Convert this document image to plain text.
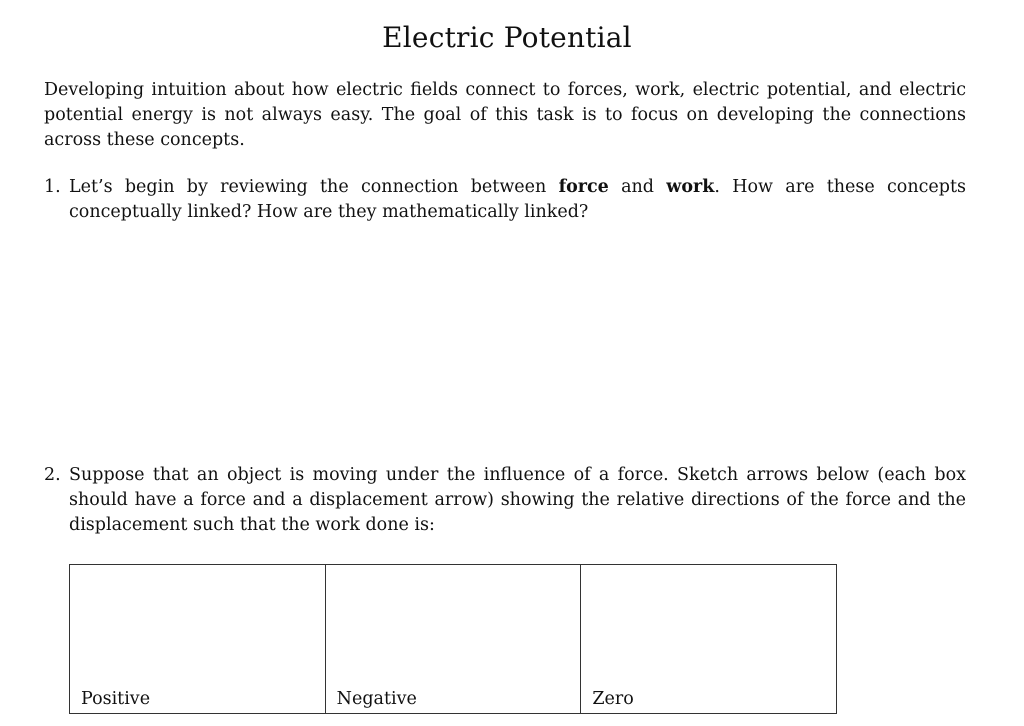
Electric Potential

Developing intuition about how electric fields connect to forces, work, electric potential, and electric potential energy is not always easy. The goal of this task is to focus on developing the connections across these concepts.

1. Let’s begin by reviewing the connection between force and work. How are these concepts conceptually linked? How are they mathematically linked?
2. Suppose that an object is moving under the influence of a force. Sketch arrows below (each box should have a force and a displacement arrow) showing the relative directions of the force and the displacement such that the work done is:
Positive	Negative	Zero
